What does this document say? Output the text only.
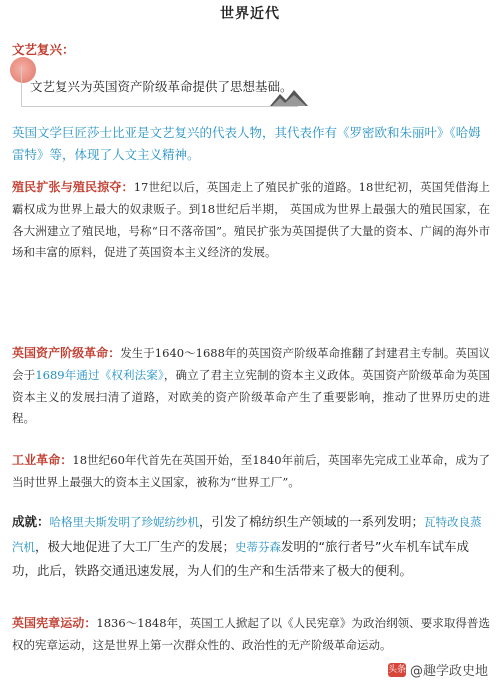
世界近代
文艺复兴：
文艺复兴为英国资产阶级革命提供了思想基础。
英国文学巨匠莎士比亚是文艺复兴的代表人物，其代表作有《罗密欧和朱丽叶》《哈姆雷特》等，体现了人文主义精神。
殖民扩张与殖民掠夺：17世纪以后，英国走上了殖民扩张的道路。18世纪初，英国凭借海上霸权成为世界上最大的奴隶贩子。到18世纪后半期， 英国成为世界上最强大的殖民国家，在各大洲建立了殖民地，号称“日不落帝国”。殖民扩张为英国提供了大量的资本、广阔的海外市场和丰富的原料，促进了英国资本主义经济的发展。
英国资产阶级革命：发生于1640～1688年的英国资产阶级革命推翻了封建君主专制。英国议会于1689年通过《权利法案》，确立了君主立宪制的资本主义政体。英国资产阶级革命为英国资本主义的发展扫清了道路，对欧美的资产阶级革命产生了重要影响，推动了世界历史的进程。
工业革命：18世纪60年代首先在英国开始，至1840年前后，英国率先完成工业革命，成为了当时世界上最强大的资本主义国家，被称为“世界工厂”。
成就：哈格里夫斯发明了珍妮纺纱机，引发了棉纺织生产领域的一系列发明；瓦特改良蒸汽机，极大地促进了大工厂生产的发展；史蒂芬森发明的“旅行者号”火车机车试车成功，此后，铁路交通迅速发展，为人们的生产和生活带来了极大的便利。
英国宪章运动：1836～1848年，英国工人掀起了以《人民宪章》为政治纲领、要求取得普选权的宪章运动，这是世界上第一次群众性的、政治性的无产阶级革命运动。
头条 @趣学政史地
